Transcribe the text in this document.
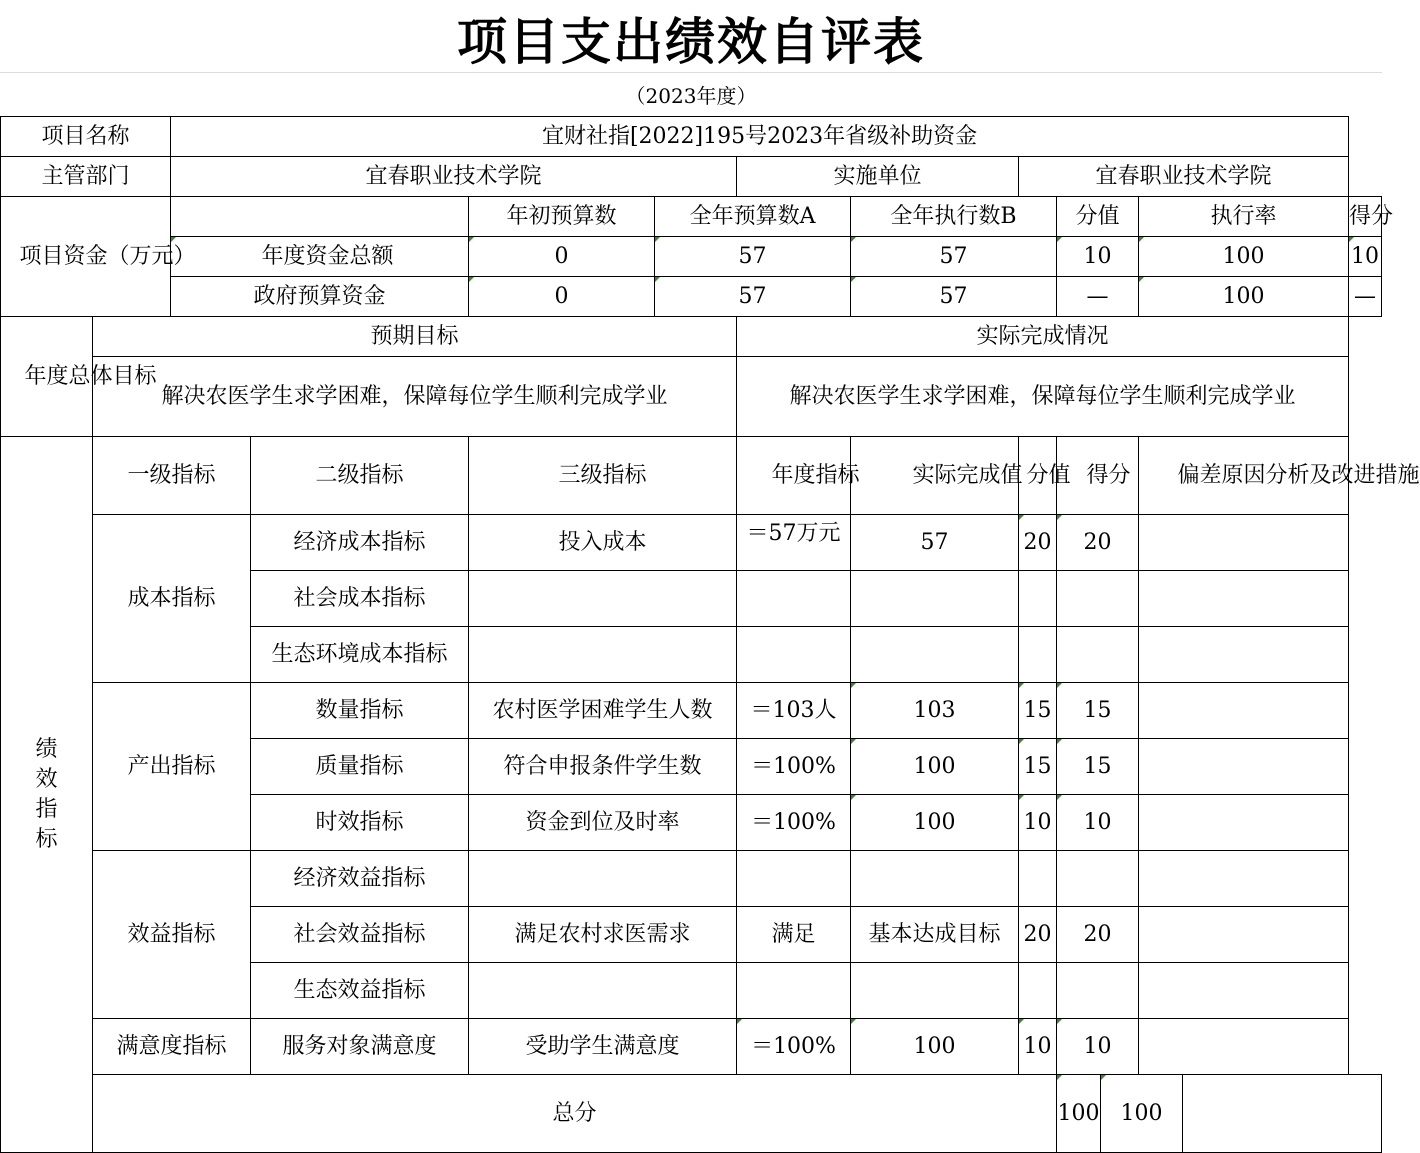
项目支出绩效自评表
（2023年度）
项目名称		宜财社指[2022]195号2023年省级补助资金											
主管部门		宜春职业技术学院				实施单位		宜春职业技术学院					
项目资金（万元）				年初预算数	全年预算数A		全年执行数B		分值		执行率		得分
		年度资金总额		0	57		57		10		100		10
		政府预算资金		0	57		57		—		100		—
年度总体目标	预期目标					实际完成情况							
	解决农医学生求学困难，保障每位学生顺利完成学业					解决农医学生求学困难，保障每位学生顺利完成学业							
绩效指标	一级指标		二级指标	三级指标		年度指标	实际完成值	分值	得分		偏差原因分析及改进措施		
	成本指标		经济成本指标	投入成本		＝57万元	57	20	20				
			社会成本指标										
			生态环境成本指标										
	产出指标		数量指标	农村医学困难学生人数		＝103人	103	15	15				
			质量指标	符合申报条件学生数		＝100%	100	15	15				
			时效指标	资金到位及时率		＝100%	100	10	10				
	效益指标		经济效益指标										
			社会效益指标	满足农村求医需求		满足	基本达成目标	20	20				
			生态效益指标										
	满意度指标		服务对象满意度	受助学生满意度		＝100%	100	10	10				
	总分								100	100			
